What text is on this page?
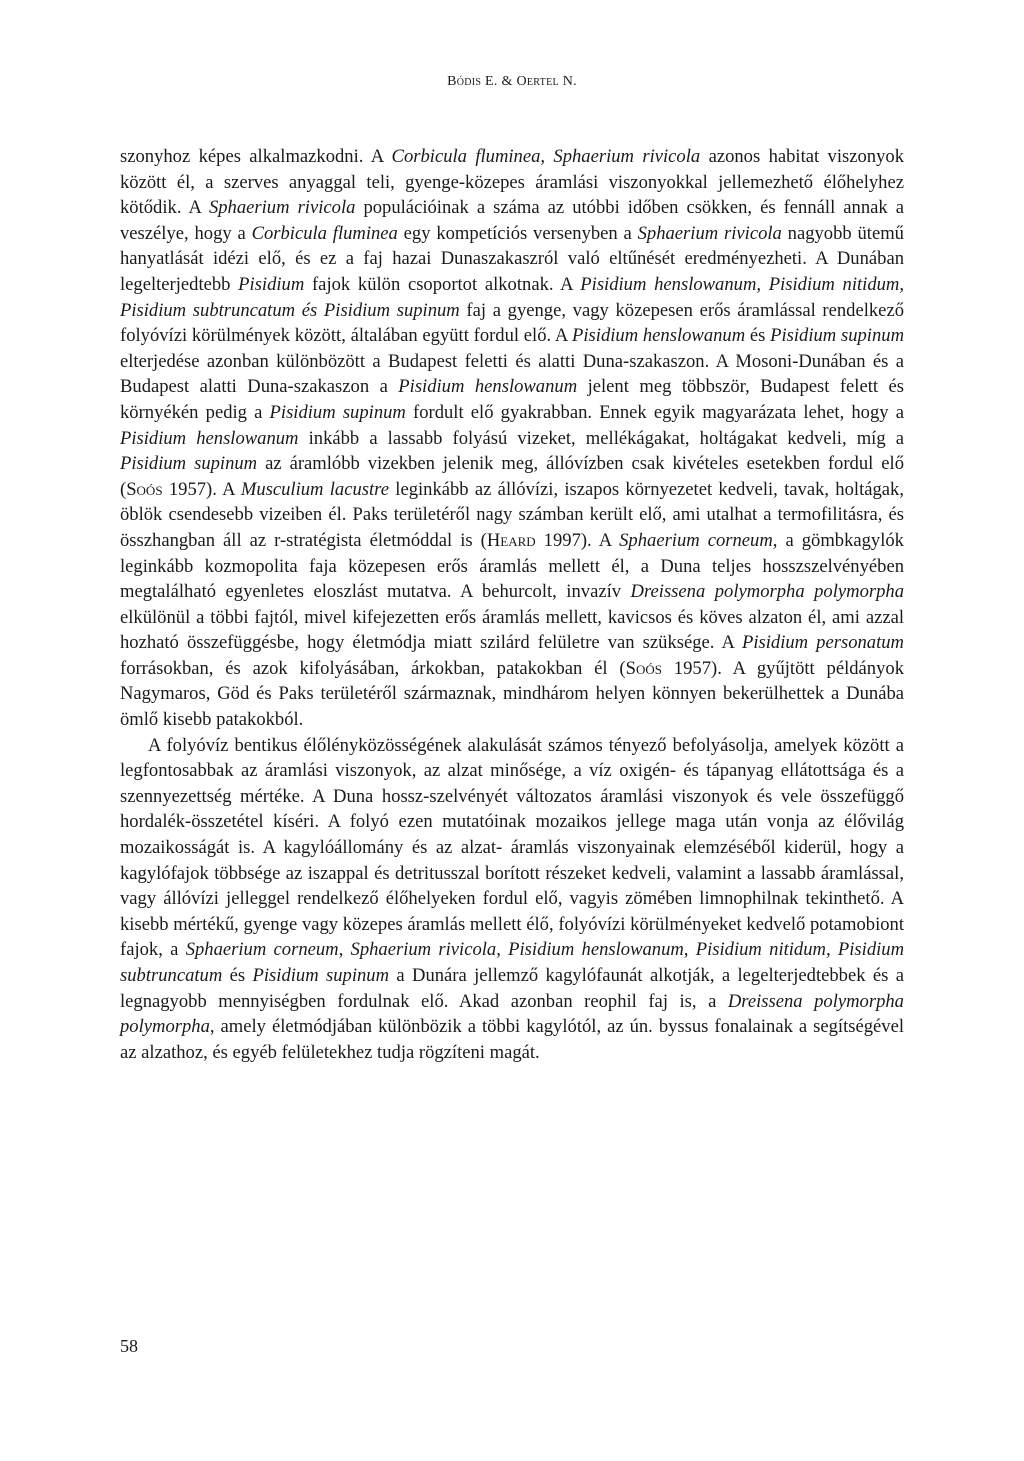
Bódis E. & Oertel N.

szonyhoz képes alkalmazkodni. A Corbicula fluminea, Sphaerium rivicola azonos habitat viszonyok között él, a szerves anyaggal teli, gyenge-közepes áramlási viszonyokkal jellemezhető élőhelyhez kötődik. A Sphaerium rivicola populációinak a száma az utóbbi időben csökken, és fennáll annak a veszélye, hogy a Corbicula fluminea egy kompetíciós versenyben a Sphaerium rivicola nagyobb ütemű hanyatlását idézi elő, és ez a faj hazai Dunaszakaszról való eltűnését eredményezheti. A Dunában legelterjedtebb Pisidium fajok külön csoportot alkotnak. A Pisidium henslowanum, Pisidium nitidum, Pisidium subtruncatum és Pisidium supinum faj a gyenge, vagy közepesen erős áramlással rendelkező folyóvízi körülmények között, általában együtt fordul elő. A Pisidium henslowanum és Pisidium supinum elterjedése azonban különbözött a Budapest feletti és alatti Duna-szakaszon. A Mosoni-Dunában és a Budapest alatti Duna-szakaszon a Pisidium henslowanum jelent meg többször, Budapest felett és környékén pedig a Pisidium supinum fordult elő gyakrabban. Ennek egyik magyarázata lehet, hogy a Pisidium henslowanum inkább a lassabb folyású vizeket, mellékágakat, holtágakat kedveli, míg a Pisidium supinum az áramlóbb vizekben jelenik meg, állóvízben csak kivételes esetekben fordul elő (Soós 1957). A Musculium lacustre leginkább az állóvízi, iszapos környezetet kedveli, tavak, holtágak, öblök csendesebb vizeiben él. Paks területéről nagy számban került elő, ami utalhat a termofilitásra, és összhangban áll az r-stratégista életmóddal is (Heard 1997). A Sphaerium corneum, a gömbkagylók leginkább kozmopolita faja közepesen erős áramlás mellett él, a Duna teljes hosszszelvényében megtalálható egyenletes eloszlást mutatva. A behurcolt, invazív Dreissena polymorpha polymorpha elkülönül a többi fajtól, mivel kifejezetten erős áramlás mellett, kavicsos és köves alzaton él, ami azzal hozható összefüggésbe, hogy életmódja miatt szilárd felületre van szüksége. A Pisidium personatum forrásokban, és azok kifolyásában, árkokban, patakokban él (Soós 1957). A gyűjtött példányok Nagymaros, Göd és Paks területéről származnak, mindhárom helyen könnyen bekerülhettek a Dunába ömlő kisebb patakokból.

A folyóvíz bentikus élőlényközösségének alakulását számos tényező befolyásolja, amelyek között a legfontosabbak az áramlási viszonyok, az alzat minősége, a víz oxigén- és tápanyag ellátottsága és a szennyezettség mértéke. A Duna hossz-szelvényét változatos áramlási viszonyok és vele összefüggő hordalék-összetétel kíséri. A folyó ezen mutatóinak mozaikos jellege maga után vonja az élővilág mozaikosságát is. A kagylóállomány és az alzat- áramlás viszonyainak elemzéséből kiderül, hogy a kagylófajok többsége az iszappal és detritusszal borított részeket kedveli, valamint a lassabb áramlással, vagy állóvízi jelleggel rendelkező élőhelyeken fordul elő, vagyis zömében limnophilnak tekinthető. A kisebb mértékű, gyenge vagy közepes áramlás mellett élő, folyóvízi körülményeket kedvelő potamobiont fajok, a Sphaerium corneum, Sphaerium rivicola, Pisidium henslowanum, Pisidium nitidum, Pisidium subtruncatum és Pisidium supinum a Dunára jellemző kagylófaunát alkotják, a legelterjedtebbek és a legnagyobb mennyiségben fordulnak elő. Akad azonban reophil faj is, a Dreissena polymorpha polymorpha, amely életmódjában különbözik a többi kagylótól, az ún. byssus fonalainak a segítségével az alzathoz, és egyéb felületekhez tudja rögzíteni magát.

58
